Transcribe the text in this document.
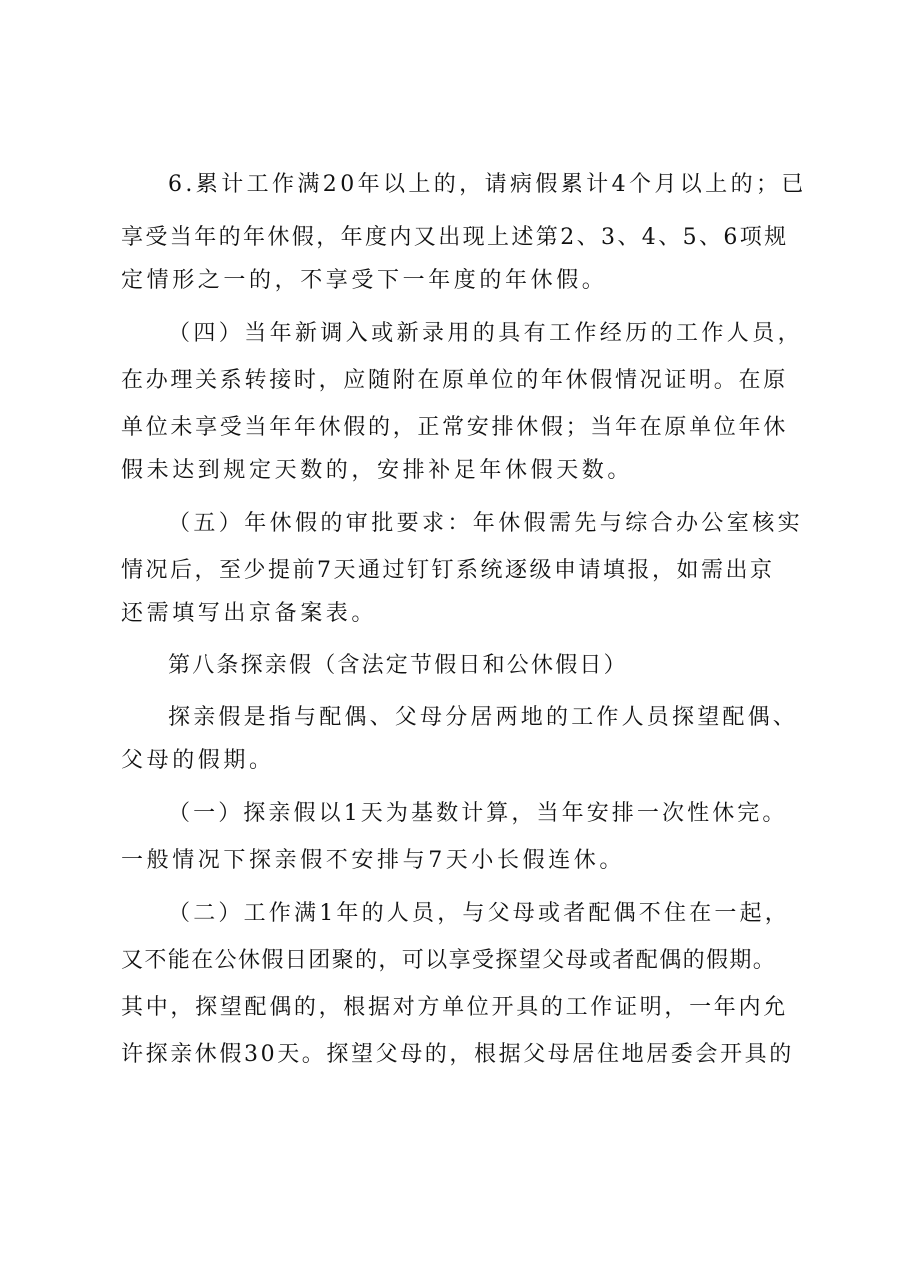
6.累计工作满20年以上的，请病假累计4个月以上的；已
享受当年的年休假，年度内又出现上述第2、3、4、5、6项规
定情形之一的，不享受下一年度的年休假。
（四）当年新调入或新录用的具有工作经历的工作人员，
在办理关系转接时，应随附在原单位的年休假情况证明。在原
单位未享受当年年休假的，正常安排休假；当年在原单位年休
假未达到规定天数的，安排补足年休假天数。
（五）年休假的审批要求：年休假需先与综合办公室核实
情况后，至少提前7天通过钉钉系统逐级申请填报，如需出京
还需填写出京备案表。
第八条探亲假（含法定节假日和公休假日）
探亲假是指与配偶、父母分居两地的工作人员探望配偶、
父母的假期。
（一）探亲假以1天为基数计算，当年安排一次性休完。
一般情况下探亲假不安排与7天小长假连休。
（二）工作满1年的人员，与父母或者配偶不住在一起，
又不能在公休假日团聚的，可以享受探望父母或者配偶的假期。
其中，探望配偶的，根据对方单位开具的工作证明，一年内允
许探亲休假30天。探望父母的，根据父母居住地居委会开具的
